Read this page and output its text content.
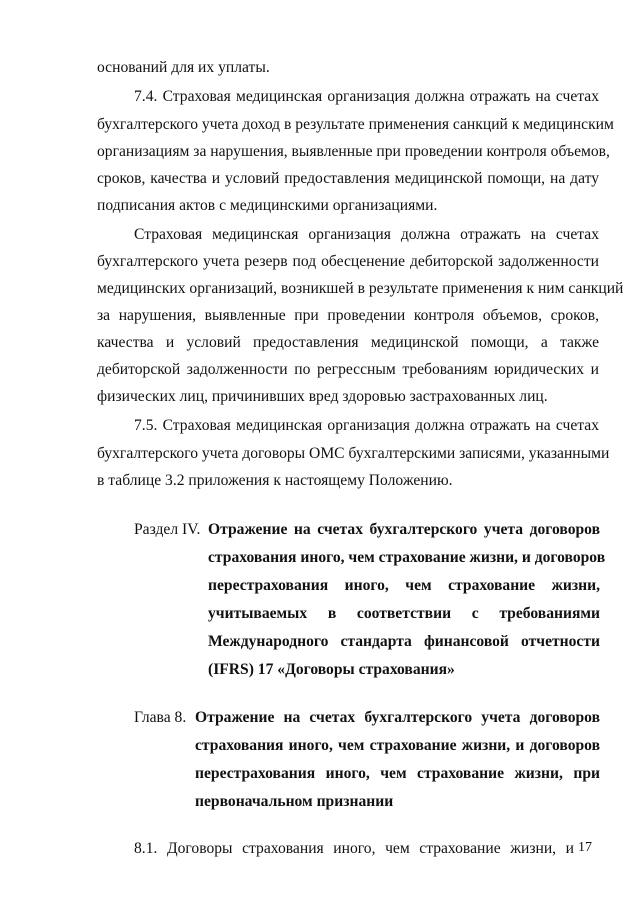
оснований для их уплаты.
7.4. Страховая медицинская организация должна отражать на счетах
бухгалтерского учета доход в результате применения санкций к медицинским
организациям за нарушения, выявленные при проведении контроля объемов,
сроков, качества и условий предоставления медицинской помощи, на дату
подписания актов с медицинскими организациями.
Страховая медицинская организация должна отражать на счетах
бухгалтерского учета резерв под обесценение дебиторской задолженности
медицинских организаций, возникшей в результате применения к ним санкций
за нарушения, выявленные при проведении контроля объемов, сроков,
качества и условий предоставления медицинской помощи, а также
дебиторской задолженности по регрессным требованиям юридических и
физических лиц, причинивших вред здоровью застрахованных лиц.
7.5. Страховая медицинская организация должна отражать на счетах
бухгалтерского учета договоры ОМС бухгалтерскими записями, указанными
в таблице 3.2 приложения к настоящему Положению.
Раздел IV. Отражение на счетах бухгалтерского учета договоров
страхования иного, чем страхование жизни, и договоров
перестрахования иного, чем страхование жизни,
учитываемых в соответствии с требованиями
Международного стандарта финансовой отчетности
(IFRS) 17 «Договоры страхования»
Глава 8. Отражение на счетах бухгалтерского учета договоров
страхования иного, чем страхование жизни, и договоров
перестрахования иного, чем страхование жизни, при
первоначальном признании
8.1. Договоры страхования иного, чем страхование жизни, и 17
